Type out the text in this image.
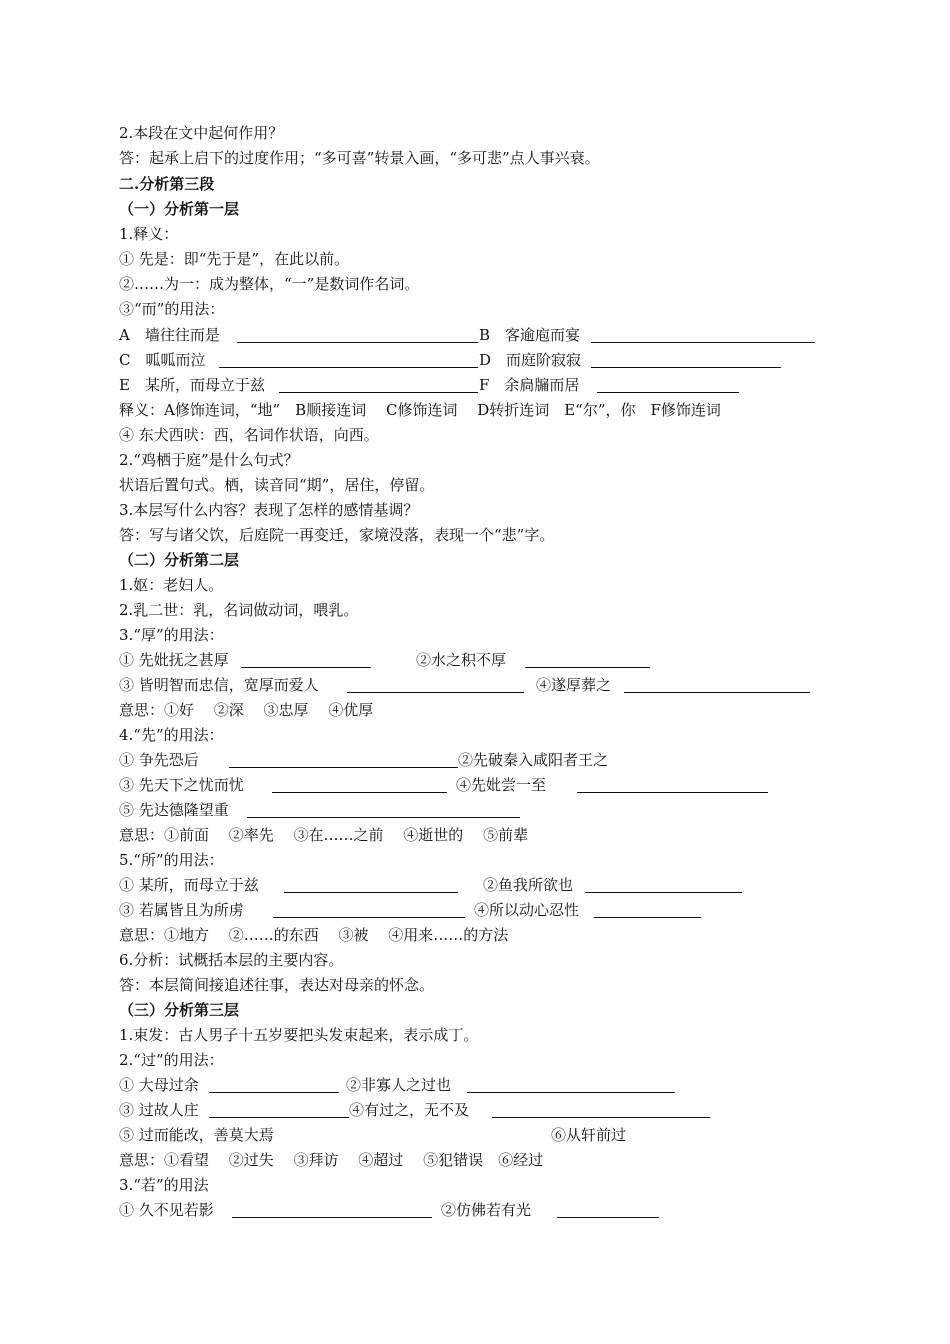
2.本段在文中起何作用？
答：起承上启下的过度作用；“多可喜”转景入画，“多可悲”点人事兴衰。
二.分析第三段
（一）分析第一层
1.释义：
① 先是：即“先于是”，在此以前。
②……为一：成为整体，“一”是数词作名词。
③“而”的用法：
A　墙往往而是	B　客逾庖而宴
C　呱呱而泣	D　而庭阶寂寂
E　某所，而母立于兹	F　余扃牖而居
释义：A修饰连词，“地”　B顺接连词　 C修饰连词　 D转折连词　E“尔”，你　F修饰连词
④ 东犬西吠：西，名词作状语，向西。
2.“鸡栖于庭”是什么句式？
状语后置句式。栖，读音同“期”，居住，停留。
3.本层写什么内容？表现了怎样的感情基调？
答：写与诸父饮，后庭院一再变迁，家境没落，表现一个“悲”字。
（二）分析第二层
1.妪：老妇人。
2.乳二世：乳，名词做动词，喂乳。
3.“厚”的用法：
① 先妣抚之甚厚	②水之积不厚
③ 皆明智而忠信，宽厚而爱人	④遂厚葬之
意思：①好　 ②深　 ③忠厚　 ④优厚
4.“先”的用法：
① 争先恐后	②先破秦入咸阳者王之
③ 先天下之忧而忧	④先妣尝一至
⑤ 先达德隆望重
意思：①前面　 ②率先　 ③在……之前　 ④逝世的　 ⑤前辈
5.“所”的用法：
① 某所，而母立于兹	②鱼我所欲也
③ 若属皆且为所虏	④所以动心忍性
意思：①地方　 ②……的东西　 ③被　 ④用来……的方法
6.分析：试概括本层的主要内容。
答：本层简间接追述往事，表达对母亲的怀念。
（三）分析第三层
1.束发：古人男子十五岁要把头发束起来，表示成丁。
2.“过”的用法：
① 大母过余	②非寡人之过也
③ 过故人庄	④有过之，无不及
⑤ 过而能改，善莫大焉	⑥从轩前过
意思：①看望　 ②过失　 ③拜访　 ④超过　 ⑤犯错误　⑥经过
3.“若”的用法
① 久不见若影	②仿佛若有光
